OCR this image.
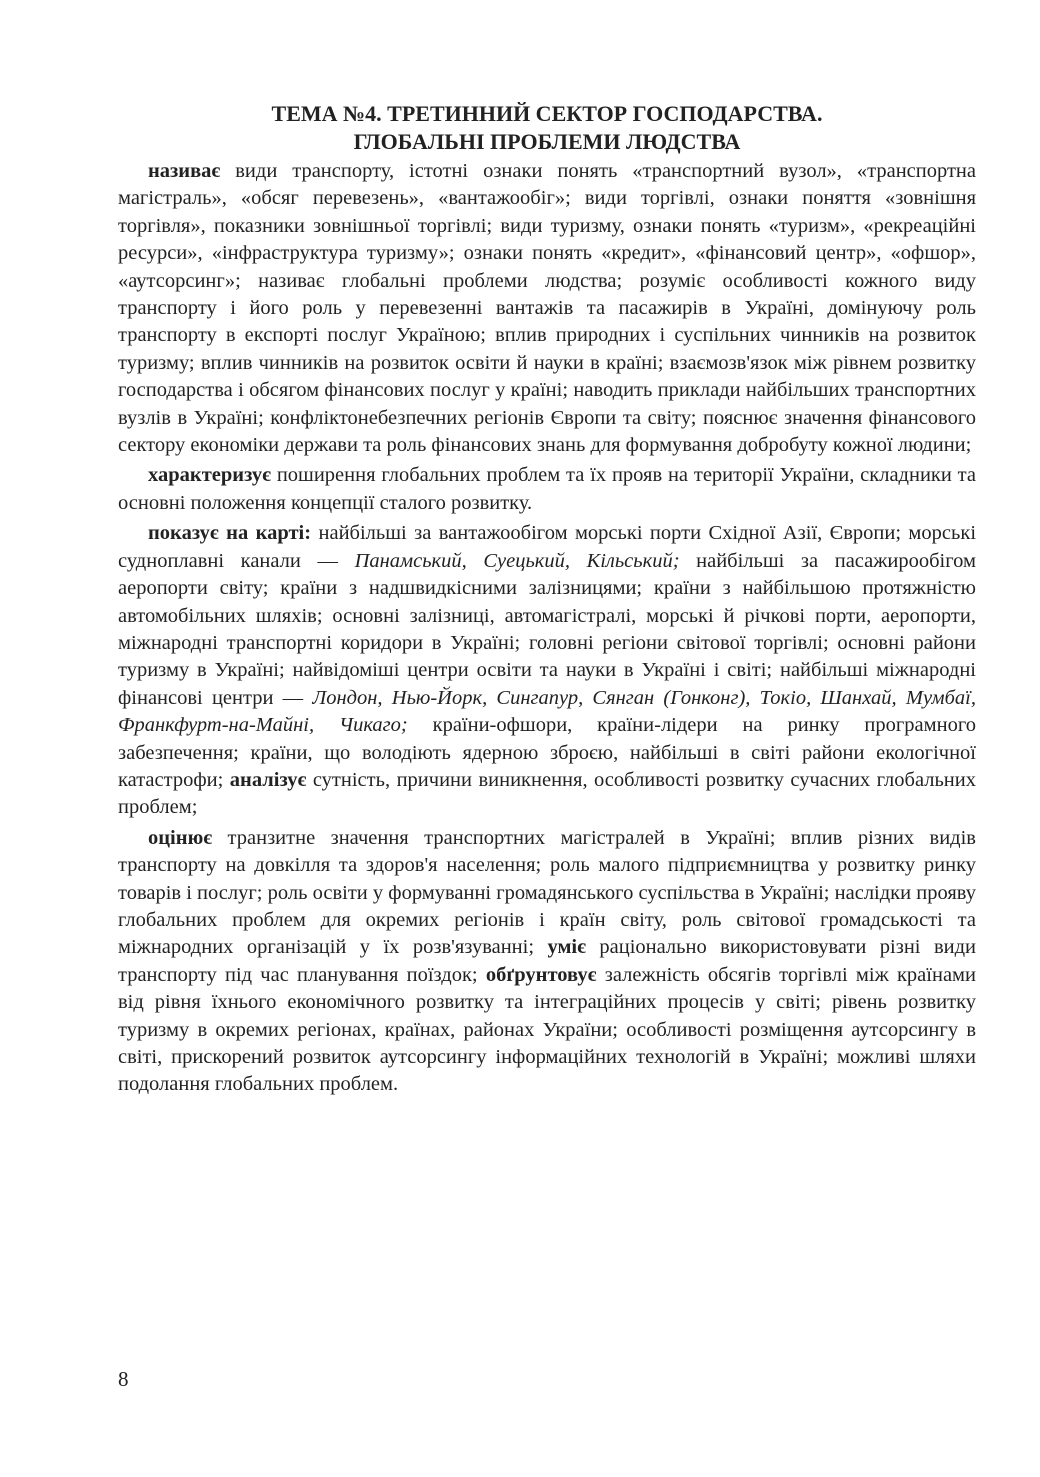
ТЕМА №4. ТРЕТИННИЙ СЕКТОР ГОСПОДАРСТВА.
ГЛОБАЛЬНІ ПРОБЛЕМИ ЛЮДСТВА

називає види транспорту, істотні ознаки понять «транспортний вузол», «транспортна магістраль», «обсяг перевезень», «вантажообіг»; види торгівлі, ознаки поняття «зовнішня торгівля», показники зовнішньої торгівлі; види туризму, ознаки понять «туризм», «рекреаційні ресурси», «інфраструктура туризму»; ознаки понять «кредит», «фінансовий центр», «офшор», «аутсорсинг»; називає глобальні проблеми людства; розуміє особливості кожного виду транспорту і його роль у перевезенні вантажів та пасажирів в Україні, домінуючу роль транспорту в експорті послуг Україною; вплив природних і суспільних чинників на розвиток туризму; вплив чинників на розвиток освіти й науки в країні; взаємозв'язок між рівнем розвитку господарства і обсягом фінансових послуг у країні; наводить приклади найбільших транспортних вузлів в Україні; конфліктонебезпечних регіонів Європи та світу; пояснює значення фінансового сектору економіки держави та роль фінансових знань для формування добробуту кожної людини;

характеризує поширення глобальних проблем та їх прояв на території України, складники та основні положення концепції сталого розвитку.

показує на карті: найбільші за вантажообігом морські порти Східної Азії, Європи; морські судноплавні канали — Панамський, Суецький, Кільський; найбільші за пасажирообігом аеропорти світу; країни з надшвидкісними залізницями; країни з найбільшою протяжністю автомобільних шляхів; основні залізниці, автомагістралі, морські й річкові порти, аеропорти, міжнародні транспортні коридори в Україні; головні регіони світової торгівлі; основні райони туризму в Україні; найвідоміші центри освіти та науки в Україні і світі; найбільші міжнародні фінансові центри — Лондон, Нью-Йорк, Сингапур, Сянган (Гонконг), Токіо, Шанхай, Мумбаї, Франкфурт-на-Майні, Чикаго; країни-офшори, країни-лідери на ринку програмного забезпечення; країни, що володіють ядерною зброєю, найбільші в світі райони екологічної катастрофи; аналізує сутність, причини виникнення, особливості розвитку сучасних глобальних проблем;

оцінює транзитне значення транспортних магістралей в Україні; вплив різних видів транспорту на довкілля та здоров'я населення; роль малого підприємництва у розвитку ринку товарів і послуг; роль освіти у формуванні громадянського суспільства в Україні; наслідки прояву глобальних проблем для окремих регіонів і країн світу, роль світової громадськості та міжнародних організацій у їх розв'язуванні; уміє раціонально використовувати різні види транспорту під час планування поїздок; обґрунтовує залежність обсягів торгівлі між країнами від рівня їхнього економічного розвитку та інтеграційних процесів у світі; рівень розвитку туризму в окремих регіонах, країнах, районах України; особливості розміщення аутсорсингу в світі, прискорений розвиток аутсорсингу інформаційних технологій в Україні; можливі шляхи подолання глобальних проблем.

8
